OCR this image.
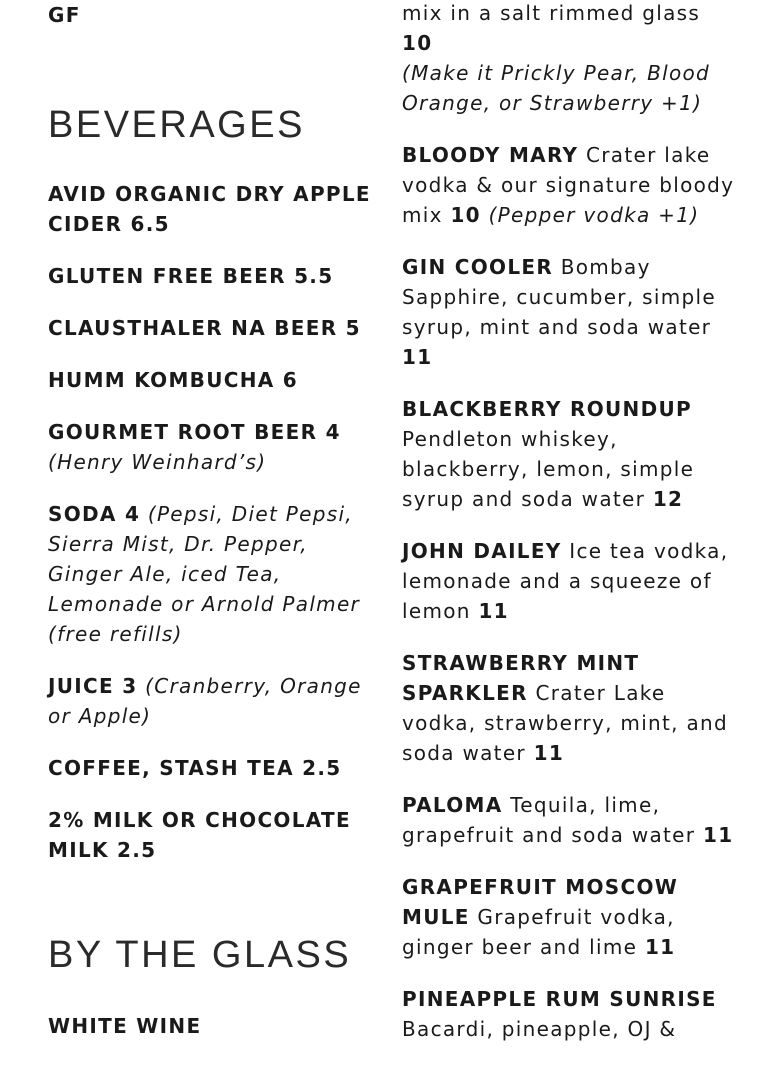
GF
BEVERAGES
AVID ORGANIC DRY APPLE CIDER 6.5
GLUTEN FREE BEER 5.5
CLAUSTHALER NA BEER 5
HUMM KOMBUCHA 6
GOURMET ROOT BEER 4
(Henry Weinhard’s)
SODA 4 (Pepsi, Diet Pepsi, Sierra Mist, Dr. Pepper, Ginger Ale, iced Tea, Lemonade or Arnold Palmer (free refills)
JUICE 3 (Cranberry, Orange or Apple)
COFFEE, STASH TEA 2.5
2% MILK OR CHOCOLATE MILK 2.5
BY THE GLASS
WHITE WINE
mix in a salt rimmed glass
10
(Make it Prickly Pear, Blood Orange, or Strawberry +1)
BLOODY MARY Crater lake vodka & our signature bloody mix 10 (Pepper vodka +1)
GIN COOLER Bombay Sapphire, cucumber, simple syrup, mint and soda water 11
BLACKBERRY ROUNDUP Pendleton whiskey, blackberry, lemon, simple syrup and soda water 12
JOHN DAILEY Ice tea vodka, lemonade and a squeeze of lemon 11
STRAWBERRY MINT SPARKLER Crater Lake vodka, strawberry, mint, and soda water 11
PALOMA Tequila, lime, grapefruit and soda water 11
GRAPEFRUIT MOSCOW MULE Grapefruit vodka, ginger beer and lime 11
PINEAPPLE RUM SUNRISE
Bacardi, pineapple, OJ &
